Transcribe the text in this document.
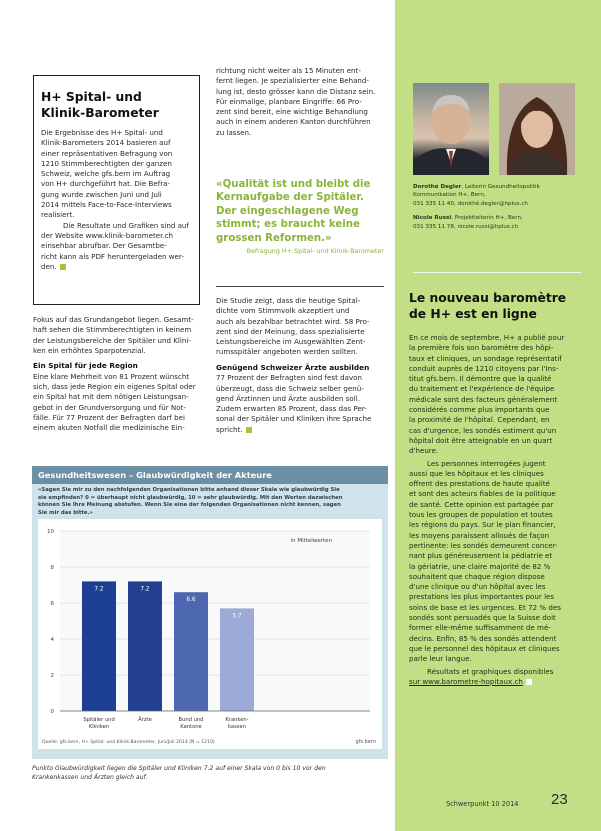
H+ Spital- und
Klinik-Barometer
Die Ergebnisse des H+ Spital- und
Klinik-Barometers 2014 basieren auf
einer repräsentativen Befragung von
1210 Stimmberechtigten der ganzen
Schweiz, welche gfs.bern im Auftrag
von H+ durchgeführt hat. Die Befra-
gung wurde zwischen Juni und Juli
2014 mittels Face-to-Face-Interviews
realisiert.
Die Resultate und Grafiken sind auf
der Website www.klinik-barometer.ch
einsehbar abrufbar. Der Gesamtbe-
richt kann als PDF heruntergeladen wer-
den.
Fokus auf das Grundangebot liegen. Gesamt-
haft sehen die Stimmberechtigten in keinem
der Leistungsbereiche der Spitäler und Klini-
ken ein erhöhtes Sparpotenzial.
Ein Spital für jede Region
Eine klare Mehrheit von 81 Prozent wünscht
sich, dass jede Region ein eigenes Spital oder
ein Spital hat mit dem nötigen Leistungsan-
gebot in der Grundversorgung und für Not-
fälle. Für 77 Prozent der Befragten darf bei
einem akuten Notfall die medizinische Ein-
richtung nicht weiter als 15 Minuten ent-
fernt liegen. Je spezialisierter eine Behand-
lung ist, desto grösser kann die Distanz sein.
Für einmalige, planbare Eingriffe: 66 Pro-
zent sind bereit, eine wichtige Behandlung
auch in einem anderen Kanton durchführen
zu lassen.
«Qualität ist und bleibt die
Kernaufgabe der Spitäler.
Der eingeschlagene Weg
stimmt; es braucht keine
grossen Reformen.»
Befragung H+ Spital- und Klinik-Barometer
Die Studie zeigt, dass die heutige Spital-
dichte vom Stimmvolk akzeptiert und
auch als bezahlbar betrachtet wird. 58 Pro-
zent sind der Meinung, dass spezialisierte
Leistungsbereiche im Ausgewählten Zent-
rumsspitäler angeboten werden sollten.
Genügend Schweizer Ärzte ausbilden
77 Prozent der Befragten sind fest davon
überzeugt, dass die Schweiz selber genü-
gend Ärztinnen und Ärzte ausbilden soll.
Zudem erwarten 85 Prozent, dass das Per-
sonal der Spitäler und Kliniken ihre Sprache
spricht.
Gesundheitswesen – Glaubwürdigkeit der Akteure
«Sagen Sie mir zu den nachfolgenden Organisationen bitte anhand dieser Skala wie glaubwürdig Sie
sie empfinden? 0 = überhaupt nicht glaubwürdig, 10 = sehr glaubwürdig. Mit den Werten dazwischen
können Sie Ihre Meinung abstufen. Wenn Sie eine der folgenden Organisationen nicht kennen, sagen
Sie mir das bitte.»
0
2
4
6
8
10
in Mittelwerten
7.2
Spitäler und
Kliniken
7.2
Ärzte
6.6
Bund und
Kantone
5.7
Kranken-
kassen
Quelle: gfs.bern, H+ Spital- und Klinik-Barometer, Juni/Juli 2014 (N = 1210)	gfs.bern
Punkto Glaubwürdigkeit liegen die Spitäler und Kliniken 7.2 auf einer Skala von 0 bis 10 vor den
Krankenkassen und Ärzten gleich auf.
Dorothé Degler, Leiterin Gesundheitspolitik
Kommunikation H+, Bern,
031 335 11 40, dorothé.degler@hplus.ch
Nicole Russi, Projektleiterin H+, Bern,
031 335 11 78, nicole.russi@hplus.ch
Le nouveau baromètre
de H+ est en ligne
En ce mois de septembre, H+ a publié pour
la première fois son baromètre des hôpi-
taux et cliniques, un sondage représentatif
conduit auprès de 1210 citoyens par l'Ins-
titut gfs.bern. Il démontre que la qualité
du traitement et l'expérience de l'équipe
médicale sont des facteurs généralement
considérés comme plus importants que
la proximité de l'hôpital. Cependant, en
cas d'urgence, les sondés estiment qu'un
hôpital doit être atteignable en un quart
d'heure.
Les personnes interrogées jugent
aussi que les hôpitaux et les cliniques
offrent des prestations de haute qualité
et sont des acteurs fiables de la politique
de santé. Cette opinion est partagée par
tous les groupes de population et toutes
les régions du pays. Sur le plan financier,
les moyens paraissent alloués de façon
pertinente: les sondés demeurent concer-
nant plus généreusement la pédiatrie et
la gériatrie, une claire majorité de 82 %
souhaitent que chaque région dispose
d'une clinique ou d'un hôpital avec les
prestations les plus importantes pour les
soins de base et les urgences. Et 72 % des
sondés sont persuadés que la Suisse doit
former elle-même suffisamment de mé-
decins. Enfin, 85 % des sondés attendent
que le personnel des hôpitaux et cliniques
parle leur langue.
Résultats et graphiques disponibles
sur www.barometre-hopitaux.ch
Schwerpunkt 10 2014 23
